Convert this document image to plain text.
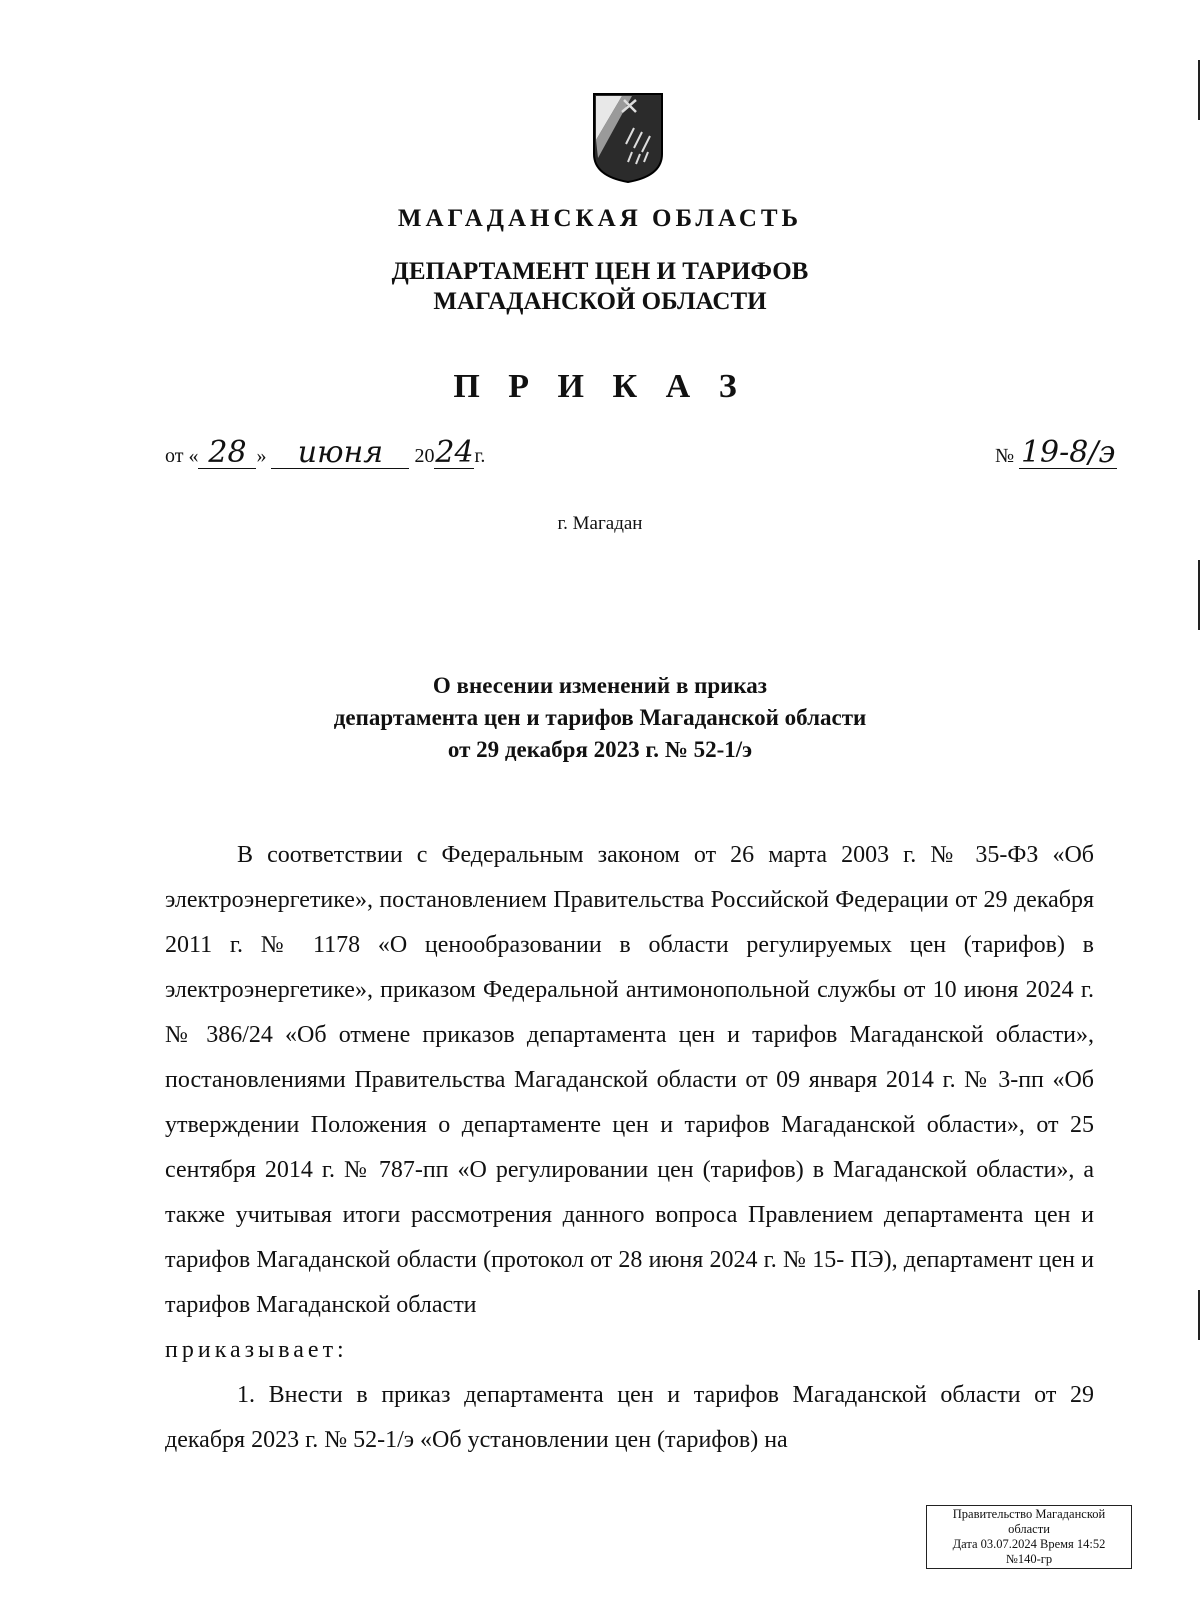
МАГАДАНСКАЯ ОБЛАСТЬ
ДЕПАРТАМЕНТ ЦЕН И ТАРИФОВ
МАГАДАНСКОЙ ОБЛАСТИ
П Р И К А З
от « 28 » июня 2024г.	№ 19-8/э
г. Магадан
О внесении изменений в приказ
департамента цен и тарифов Магаданской области
от 29 декабря 2023 г. № 52-1/э

В соответствии с Федеральным законом от 26 марта 2003 г. № 35-ФЗ «Об электроэнергетике», постановлением Правительства Российской Федерации от 29 декабря 2011 г. № 1178 «О ценообразовании в области регулируемых цен (тарифов) в электроэнергетике», приказом Федеральной антимонопольной службы от 10 июня 2024 г. № 386/24 «Об отмене приказов департамента цен и тарифов Магаданской области», постановлениями Правительства Магаданской области от 09 января 2014 г. № 3-пп «Об утверждении Положения о департаменте цен и тарифов Магаданской области», от 25 сентября 2014 г. № 787-пп «О регулировании цен (тарифов) в Магаданской области», а также учитывая итоги рассмотрения данного вопроса Правлением департамента цен и тарифов Магаданской области (протокол от 28 июня 2024 г. № 15- ПЭ), департамент цен и тарифов Магаданской области

приказывает:

1. Внести в приказ департамента цен и тарифов Магаданской области от 29 декабря 2023 г. № 52-1/э «Об установлении цен (тарифов) на

Правительство Магаданской
области
Дата 03.07.2024 Время 14:52
№140-гр
